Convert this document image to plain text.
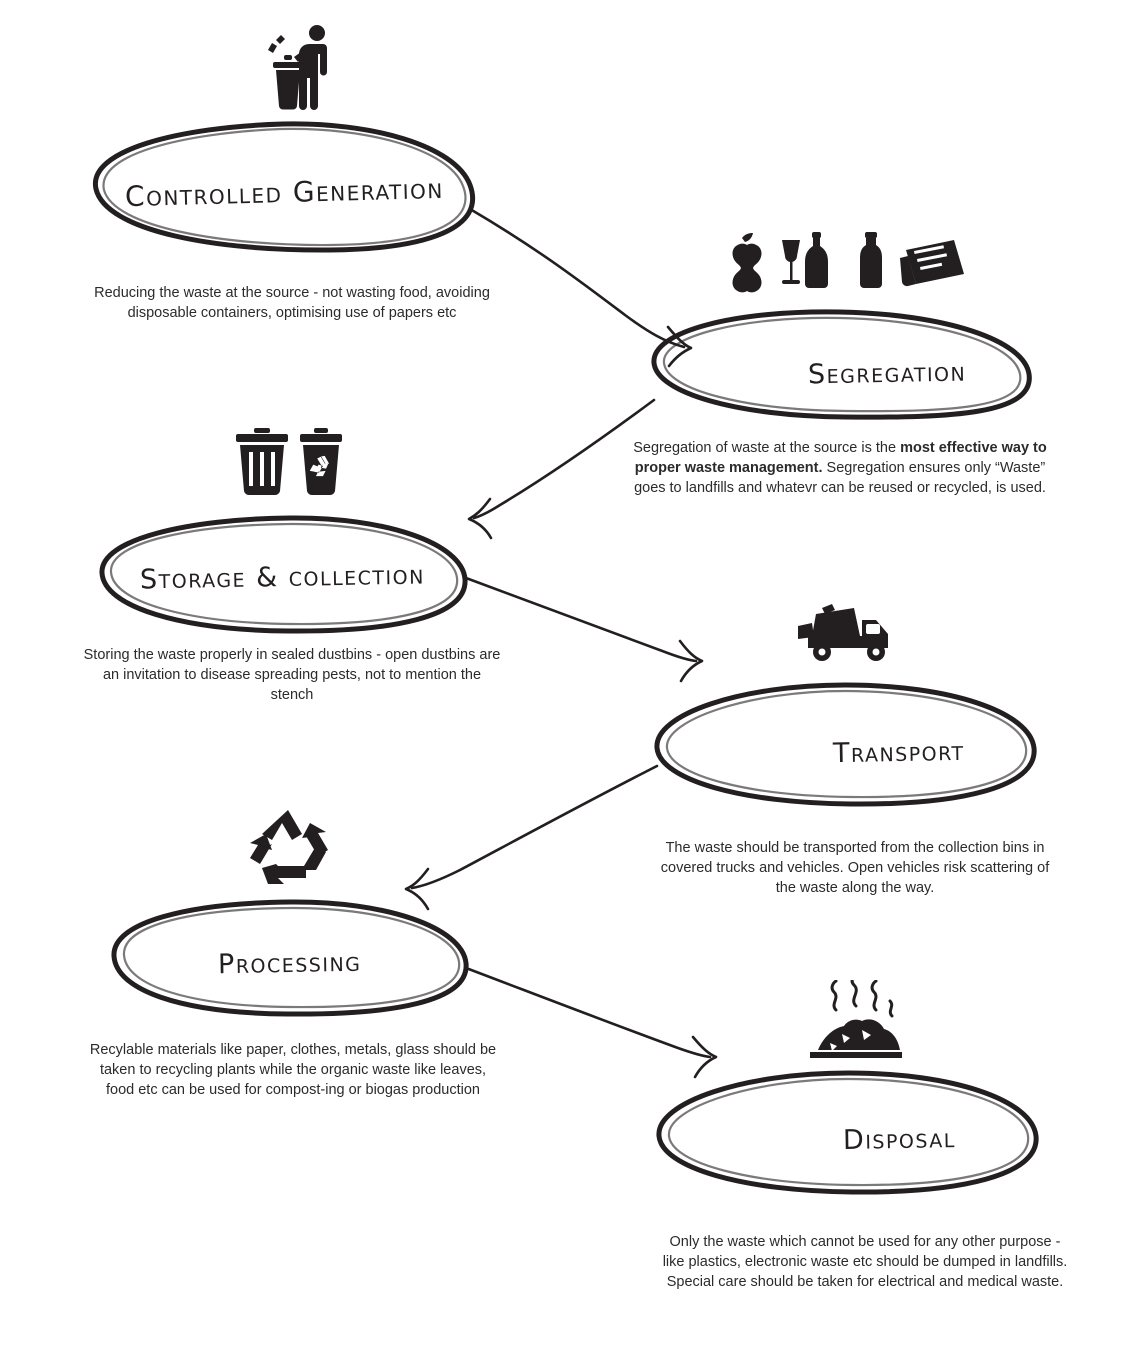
Controlled Generation
Segregation
Storage & collection
Transport
Processing
Disposal
Reducing the waste at the source - not wasting food, avoiding disposable containers, optimising use of papers etc
Segregation of waste at the source is the most effective way to proper waste management. Segregation ensures only “Waste” goes to landfills and whatevr can be reused or recycled, is used.
Storing the waste properly in sealed dustbins - open dustbins are an invitation to disease spreading pests, not to mention the stench
The waste should be transported from the collection bins in covered trucks and vehicles. Open vehicles risk scattering of the waste along the way.
Recylable materials like paper, clothes, metals, glass should be taken to recycling plants while the organic waste like leaves, food etc can be used for compost-ing or biogas production
Only the waste which cannot be used for any other purpose - like plastics, electronic waste etc should be dumped in landfills. Special care should be taken for electrical and medical waste.
